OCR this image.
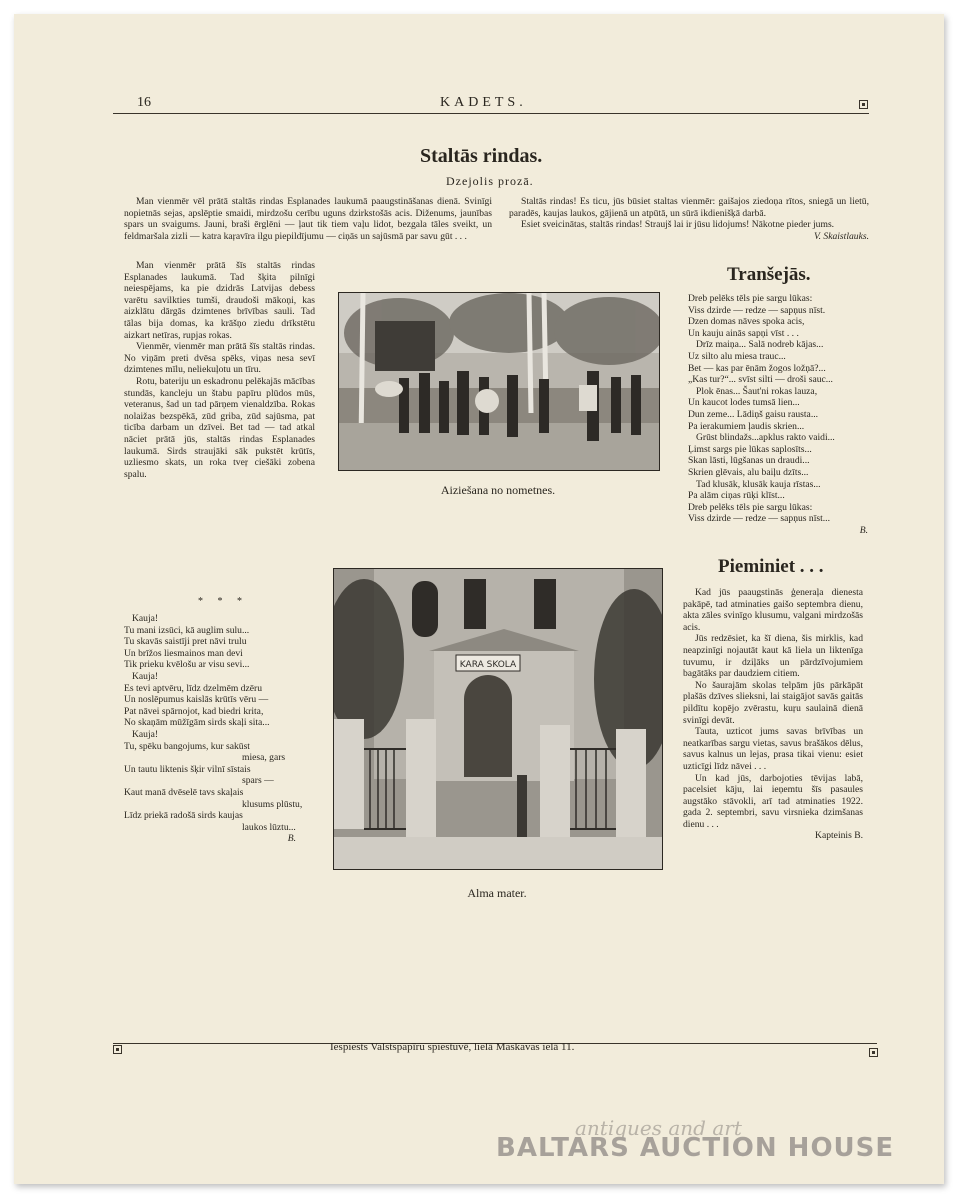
16	KADETS.
Staltās rindas.
Dzejolis prozā.

Man vienmēr vēl prātā staltās rindas Esplanades laukumā paaugstināšanas dienā. Svinīgi nopietnās sejas, apslēptie smaidi, mirdzošu cerību uguns dzirkstošās acis. Diženums, jaunības spars un svaigums. Jauni, braši ērglēni — ļaut tik tiem vaļu lidot, bezgala tāles sveikt, un feldmaršala zizli — katra kaŗavīra ilgu piepildījumu — ciņās un sajūsmā par savu gūt . . .

Man vienmēr prātā šīs staltās rindas Esplanades laukumā. Tad šķita pilnīgi neiespējams, ka pie dzidrās Latvijas debess varētu savilkties tumši, draudoši mākoņi, kas aizklātu dārgās dzimtenes brīvības sauli. Tad tālas bija domas, ka krāšņo ziedu drīkstētu aizkart netīras, rupjas rokas.

Vienmēr, vienmēr man prātā šīs staltās rindas. No viņām preti dvēsa spēks, viņas nesa sevī dzimtenes mīlu, neliekuļotu un tīru.

Rotu, bateriju un eskadronu pelēkajās mācības stundās, kancleju un štabu papīru plūdos mūs, veteranus, šad un tad pārņem vienaldzība. Rokas nolaižas bezspēkā, zūd griba, zūd sajūsma, pat ticība darbam un dzīvei. Bet tad — tad atkal nāciet prātā jūs, staltās rindas Esplanades laukumā. Sirds straujāki sāk pukstēt krūtīs, uzliesmo skats, un roka tveŗ ciešāki zobena spalu.

Staltās rindas! Es ticu, jūs būsiet staltas vienmēr: gaišajos ziedoņa rītos, sniegā un lietū, paradēs, kaujas laukos, gājienā un atpūtā, un sūrā ikdienišķā darbā.

Esiet sveicinātas, staltās rindas! Straujš lai ir jūsu lidojums! Nākotne pieder jums.

V. Skaistlauks.
Aiziešana no nometnes.
Tranšejās.
Dreb pelēks tēls pie sargu lūkas:
Viss dzirde — redze — sapņus nīst.
Dzen domas nāves spoka acis,
Un kauju ainās sapņi vīst . . .
Drīz maiņa... Salā nodreb kājas...
Uz silto alu miesa trauc...
Bet — kas par ēnām žogos ložņā?...
„Kas tur?“... svīst silti — droši sauc...
Plok ēnas... Šaut'ni rokas lauza,
Un kaucot lodes tumsā lien...
Dun zeme... Lādiņš gaisu rausta...
Pa ierakumiem ļaudis skrien...
Grūst blindažs...apklus rakto vaidi...
Ļimst sargs pie lūkas saplosīts...
Skan lāsti, lūgšanas un draudi...
Skrien glēvais, alu baiļu dzīts...
Tad klusāk, klusāk kauja rīstas...
Pa alām ciņas rūķi klīst...
Dreb pelēks tēls pie sargu lūkas:
Viss dzirde — redze — sapņus nīst...
B.
* * *
Kauja!
Tu mani izsūci, kā auglim sulu...
Tu skavās saistīji pret nāvi trulu
Un brīžos liesmainos man devi
Tik prieku kvēlošu ar visu sevi...
Kauja!
Es tevi aptvēru, līdz dzelmēm dzēru
Un noslēpumus kaislās krūtīs vēru —
Pat nāvei spārnojot, kad biedri krita,
No skaņām mūžīgām sirds skaļi sita...
Kauja!
Tu, spēku bangojums, kur sakūst
miesa, gars
Un tautu liktenis šķir vilnī sīstais
spars —
Kaut manā dvēselē tavs skaļais
klusums plūstu,
Līdz priekā radošā sirds kaujas
laukos lūztu...
B.
KARA SKOLA
Alma mater.
Pieminiet . . .

Kad jūs paaugstinās ģeneraļa dienesta pakāpē, tad atminaties gaišo septembra dienu, akta zāles svinīgo klusumu, valgani mirdzošās acis.

Jūs redzēsiet, ka šī diena, šis mirklis, kad neapzinīgi nojautāt kaut kā liela un liktenīga tuvumu, ir dziļāks un pārdzīvojumiem bagātāks par daudziem citiem.

No šaurajām skolas telpām jūs pārkāpāt plašās dzīves slieksni, lai staigājot savās gaitās pildītu kopējo zvērastu, kuŗu saulainā dienā svinīgi devāt.

Tauta, uzticot jums savas brīvības un neatkarības sargu vietas, savus brašākos dēlus, savus kalnus un lejas, prasa tikai vienu: esiet uzticīgi līdz nāvei . . .

Un kad jūs, darbojoties tēvijas labā, pacelsiet kāju, lai ieņemtu šīs pasaules augstāko stāvokli, arī tad atminaties 1922. gada 2. septembri, savu virsnieka dzimšanas dienu . . .

Kapteinis B.
Iespiests Valstspapīru spiestuvē, lielā Maskavas ielā 11.
antiques and art
BALTARS AUCTION HOUSE
